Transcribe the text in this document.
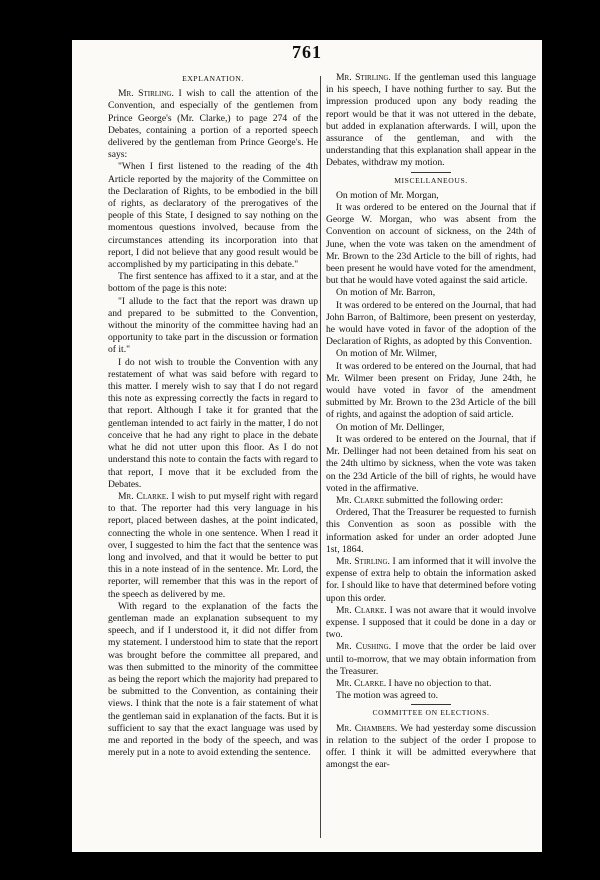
761
EXPLANATION.

Mr. Stirling. I wish to call the attention of the Convention, and especially of the gentlemen from Prince George's (Mr. Clarke,) to page 274 of the Debates, containing a portion of a reported speech delivered by the gentleman from Prince George's. He says:

"When I first listened to the reading of the 4th Article reported by the majority of the Committee on the Declaration of Rights, to be embodied in the bill of rights, as declaratory of the prerogatives of the people of this State, I designed to say nothing on the momentous questions involved, because from the circumstances attending its incorporation into that report, I did not believe that any good result would be accomplished by my participating in this debate."

The first sentence has affixed to it a star, and at the bottom of the page is this note:

"I allude to the fact that the report was drawn up and prepared to be submitted to the Convention, without the minority of the committee having had an opportunity to take part in the discussion or formation of it."

I do not wish to trouble the Convention with any restatement of what was said before with regard to this matter. I merely wish to say that I do not regard this note as expressing correctly the facts in regard to that report. Although I take it for granted that the gentleman intended to act fairly in the matter, I do not conceive that he had any right to place in the debate what he did not utter upon this floor. As I do not understand this note to contain the facts with regard to that report, I move that it be excluded from the Debates.

Mr. Clarke. I wish to put myself right with regard to that. The reporter had this very language in his report, placed between dashes, at the point indicated, connecting the whole in one sentence. When I read it over, I suggested to him the fact that the sentence was long and involved, and that it would be better to put this in a note instead of in the sentence. Mr. Lord, the reporter, will remember that this was in the report of the speech as delivered by me.

With regard to the explanation of the facts the gentleman made an explanation subsequent to my speech, and if I understood it, it did not differ from my statement. I understood him to state that the report was brought before the committee all prepared, and was then submitted to the minority of the committee as being the report which the majority had prepared to be submitted to the Convention, as containing their views. I think that the note is a fair statement of what the gentleman said in explanation of the facts. But it is sufficient to say that the exact language was used by me and reported in the body of the speech, and was merely put in a note to avoid extending the sentence.

Mr. Stirling. If the gentleman used this language in his speech, I have nothing further to say. But the impression produced upon any body reading the report would be that it was not uttered in the debate, but added in explanation afterwards. I will, upon the assurance of the gentleman, and with the understanding that this explanation shall appear in the Debates, withdraw my motion.

MISCELLANEOUS.

On motion of Mr. Morgan,

It was ordered to be entered on the Journal that if George W. Morgan, who was absent from the Convention on account of sickness, on the 24th of June, when the vote was taken on the amendment of Mr. Brown to the 23d Article to the bill of rights, had been present he would have voted for the amendment, but that he would have voted against the said article.

On motion of Mr. Barron,

It was ordered to be entered on the Journal, that had John Barron, of Baltimore, been present on yesterday, he would have voted in favor of the adoption of the Declaration of Rights, as adopted by this Convention.

On motion of Mr. Wilmer,

It was ordered to be entered on the Journal, that had Mr. Wilmer been present on Friday, June 24th, he would have voted in favor of the amendment submitted by Mr. Brown to the 23d Article of the bill of rights, and against the adoption of said article.

On motion of Mr. Dellinger,

It was ordered to be entered on the Journal, that if Mr. Dellinger had not been detained from his seat on the 24th ultimo by sickness, when the vote was taken on the 23d Article of the bill of rights, he would have voted in the affirmative.

Mr. Clarke submitted the following order:

Ordered, That the Treasurer be requested to furnish this Convention as soon as possible with the information asked for under an order adopted June 1st, 1864.

Mr. Stirling. I am informed that it will involve the expense of extra help to obtain the information asked for. I should like to have that determined before voting upon this order.

Mr. Clarke. I was not aware that it would involve expense. I supposed that it could be done in a day or two.

Mr. Cushing. I move that the order be laid over until to-morrow, that we may obtain information from the Treasurer.

Mr. Clarke. I have no objection to that.

The motion was agreed to.

COMMITTEE ON ELECTIONS.

Mr. Chambers. We had yesterday some discussion in relation to the subject of the order I propose to offer. I think it will be admitted everywhere that amongst the ear-
